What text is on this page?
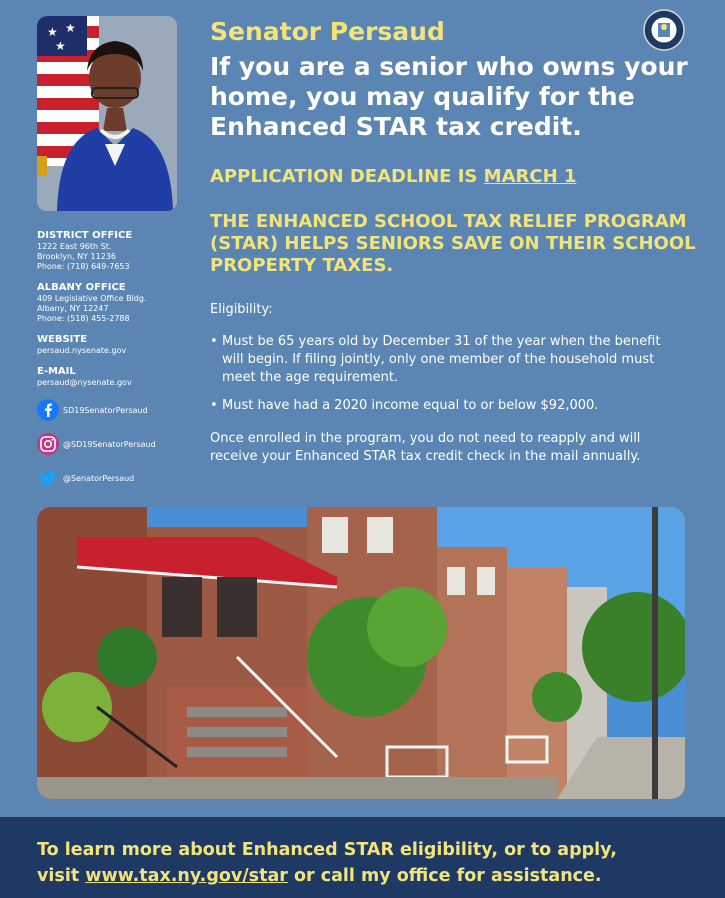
★ ★
★

DISTRICT OFFICE

1222 East 96th St.

Brooklyn, NY 11236

Phone: (718) 649-7653

ALBANY OFFICE

409 Legislative Office Bldg.

Albany, NY 12247

Phone: (518) 455-2788

WEBSITE

persaud.nysenate.gov

E-MAIL

persaud@nysenate.gov

SD19SenatorPersaud
@SD19SenatorPersaud
@SenatorPersaud
Senator Persaud
If you are a senior who owns your home, you may qualify for the Enhanced STAR tax credit.

APPLICATION DEADLINE IS MARCH 1

THE ENHANCED SCHOOL TAX RELIEF PROGRAM (STAR) HELPS SENIORS SAVE ON THEIR SCHOOL PROPERTY TAXES.

Eligibility:

• Must be 65 years old by December 31 of the year when the benefit will begin. If filing jointly, only one member of the household must meet the age requirement.
• Must have had a 2020 income equal to or below $92,000.

Once enrolled in the program, you do not need to reapply and will receive your Enhanced STAR tax credit check in the mail annually.

To learn more about Enhanced STAR eligibility, or to apply,
visit www.tax.ny.gov/star or call my office for assistance.
